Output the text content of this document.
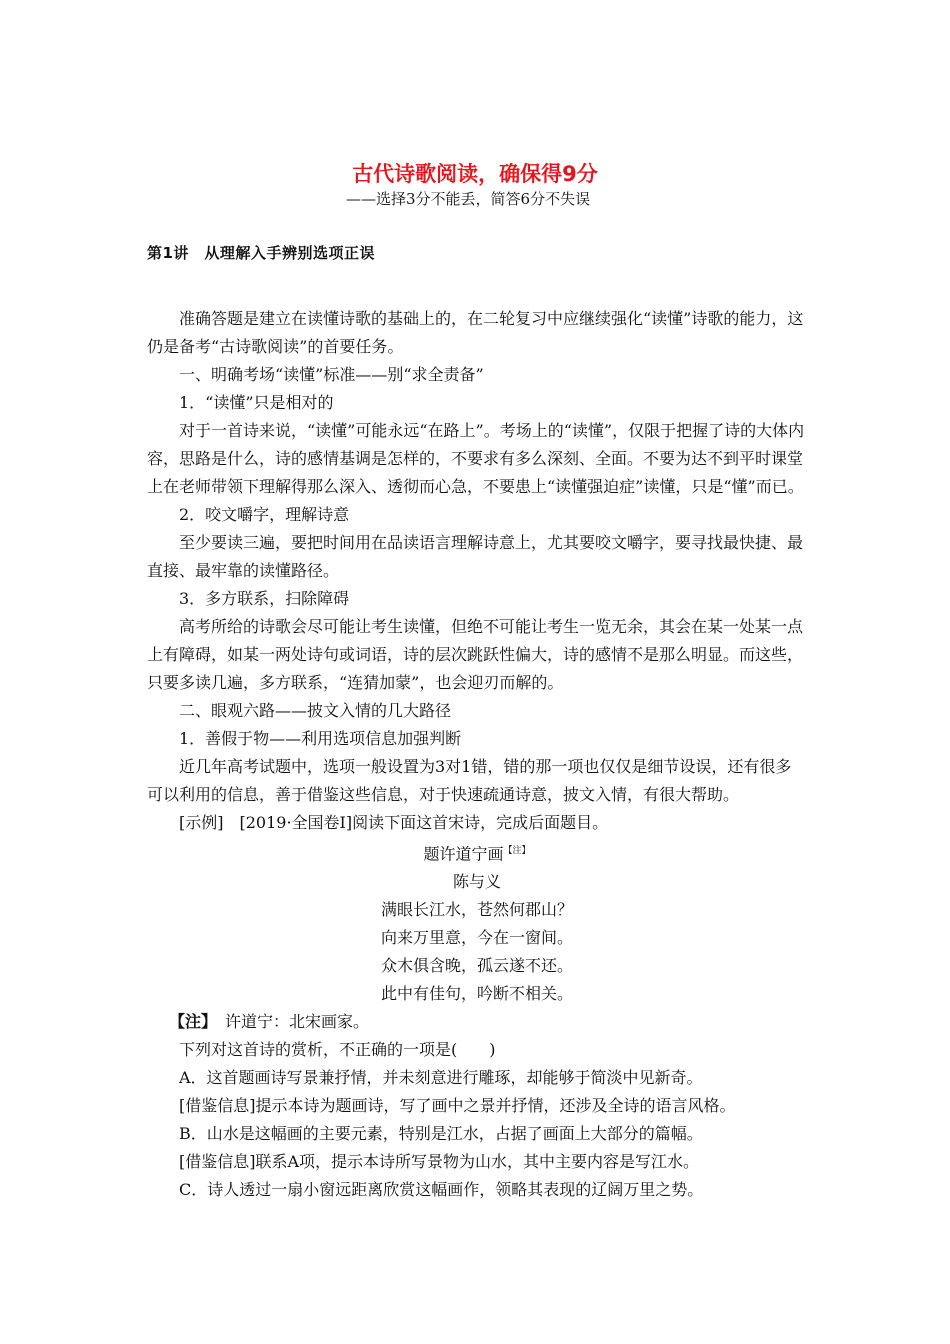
古代诗歌阅读，确保得9分
——选择3分不能丢，简答6分不失误
第1讲　从理解入手辨别选项正误

准确答题是建立在读懂诗歌的基础上的，在二轮复习中应继续强化“读懂”诗歌的能力，这仍是备考“古诗歌阅读”的首要任务。

一、明确考场“读懂”标准——别“求全责备”

1．“读懂”只是相对的

对于一首诗来说，“读懂”可能永远“在路上”。考场上的“读懂”，仅限于把握了诗的大体内容，思路是什么，诗的感情基调是怎样的，不要求有多么深刻、全面。不要为达不到平时课堂上在老师带领下理解得那么深入、透彻而心急，不要患上“读懂强迫症”读懂，只是“懂”而已。

2．咬文嚼字，理解诗意

至少要读三遍，要把时间用在品读语言理解诗意上，尤其要咬文嚼字，要寻找最快捷、最直接、最牢靠的读懂路径。

3．多方联系，扫除障碍

高考所给的诗歌会尽可能让考生读懂，但绝不可能让考生一览无余，其会在某一处某一点上有障碍，如某一两处诗句或词语，诗的层次跳跃性偏大，诗的感情不是那么明显。而这些，只要多读几遍，多方联系，“连猜加蒙”，也会迎刃而解的。

二、眼观六路——披文入情的几大路径

1．善假于物——利用选项信息加强判断

近几年高考试题中，选项一般设置为3对1错，错的那一项也仅仅是细节设误，还有很多可以利用的信息，善于借鉴这些信息，对于快速疏通诗意，披文入情，有很大帮助。

[示例]　[2019·全国卷Ⅰ]阅读下面这首宋诗，完成后面题目。

题许道宁画$^{【注】}$

陈与义

满眼长江水，苍然何郡山？

向来万里意，今在一窗间。

众木俱含晚，孤云遂不还。

此中有佳句，吟断不相关。

【注】　许道宁：北宋画家。

下列对这首诗的赏析，不正确的一项是(　　)

A．这首题画诗写景兼抒情，并未刻意进行雕琢，却能够于简淡中见新奇。

[借鉴信息]提示本诗为题画诗，写了画中之景并抒情，还涉及全诗的语言风格。

B．山水是这幅画的主要元素，特别是江水，占据了画面上大部分的篇幅。

[借鉴信息]联系A项，提示本诗所写景物为山水，其中主要内容是写江水。

C．诗人透过一扇小窗远距离欣赏这幅画作，领略其表现的辽阔万里之势。
